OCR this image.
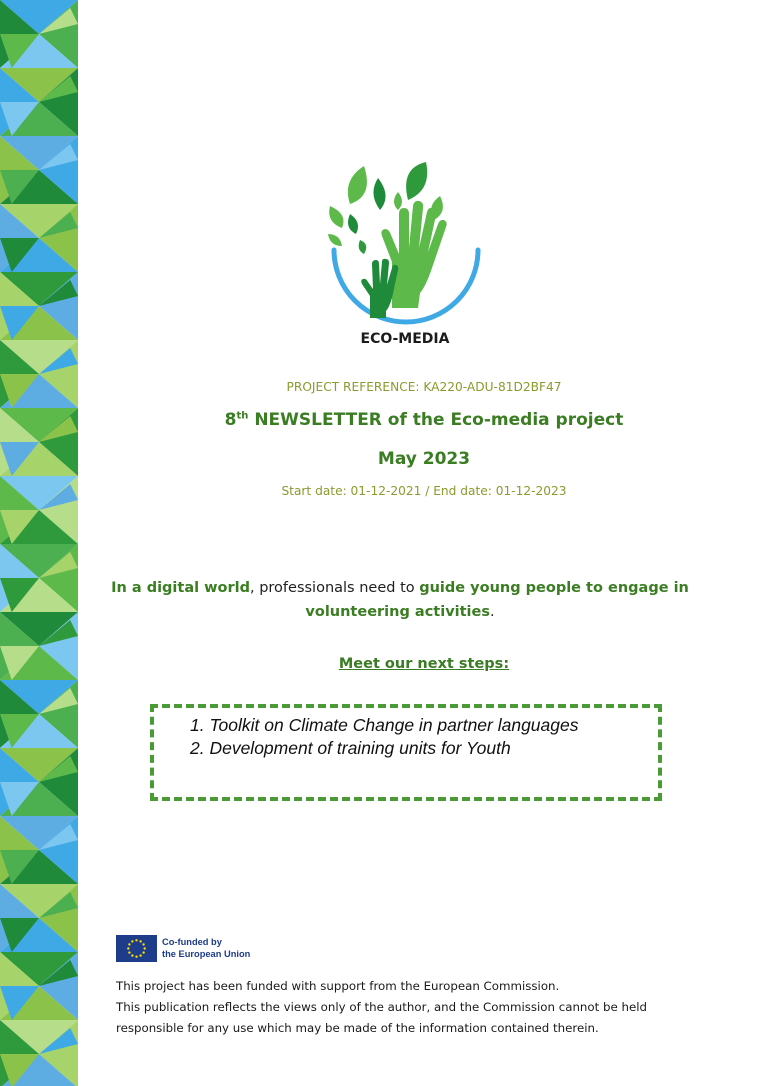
ECO-MEDIA
PROJECT REFERENCE: KA220-ADU-81D2BF47
8th NEWSLETTER of the Eco-media project
May 2023
Start date: 01-12-2021 / End date: 01-12-2023
In a digital world, professionals need to guide young people to engage in volunteering activities.
Meet our next steps:
1. Toolkit on Climate Change in partner languages
2. Development of training units for Youth
Co-funded by
the European Union
This project has been funded with support from the European Commission.
This publication reflects the views only of the author, and the Commission cannot be held
responsible for any use which may be made of the information contained therein.
